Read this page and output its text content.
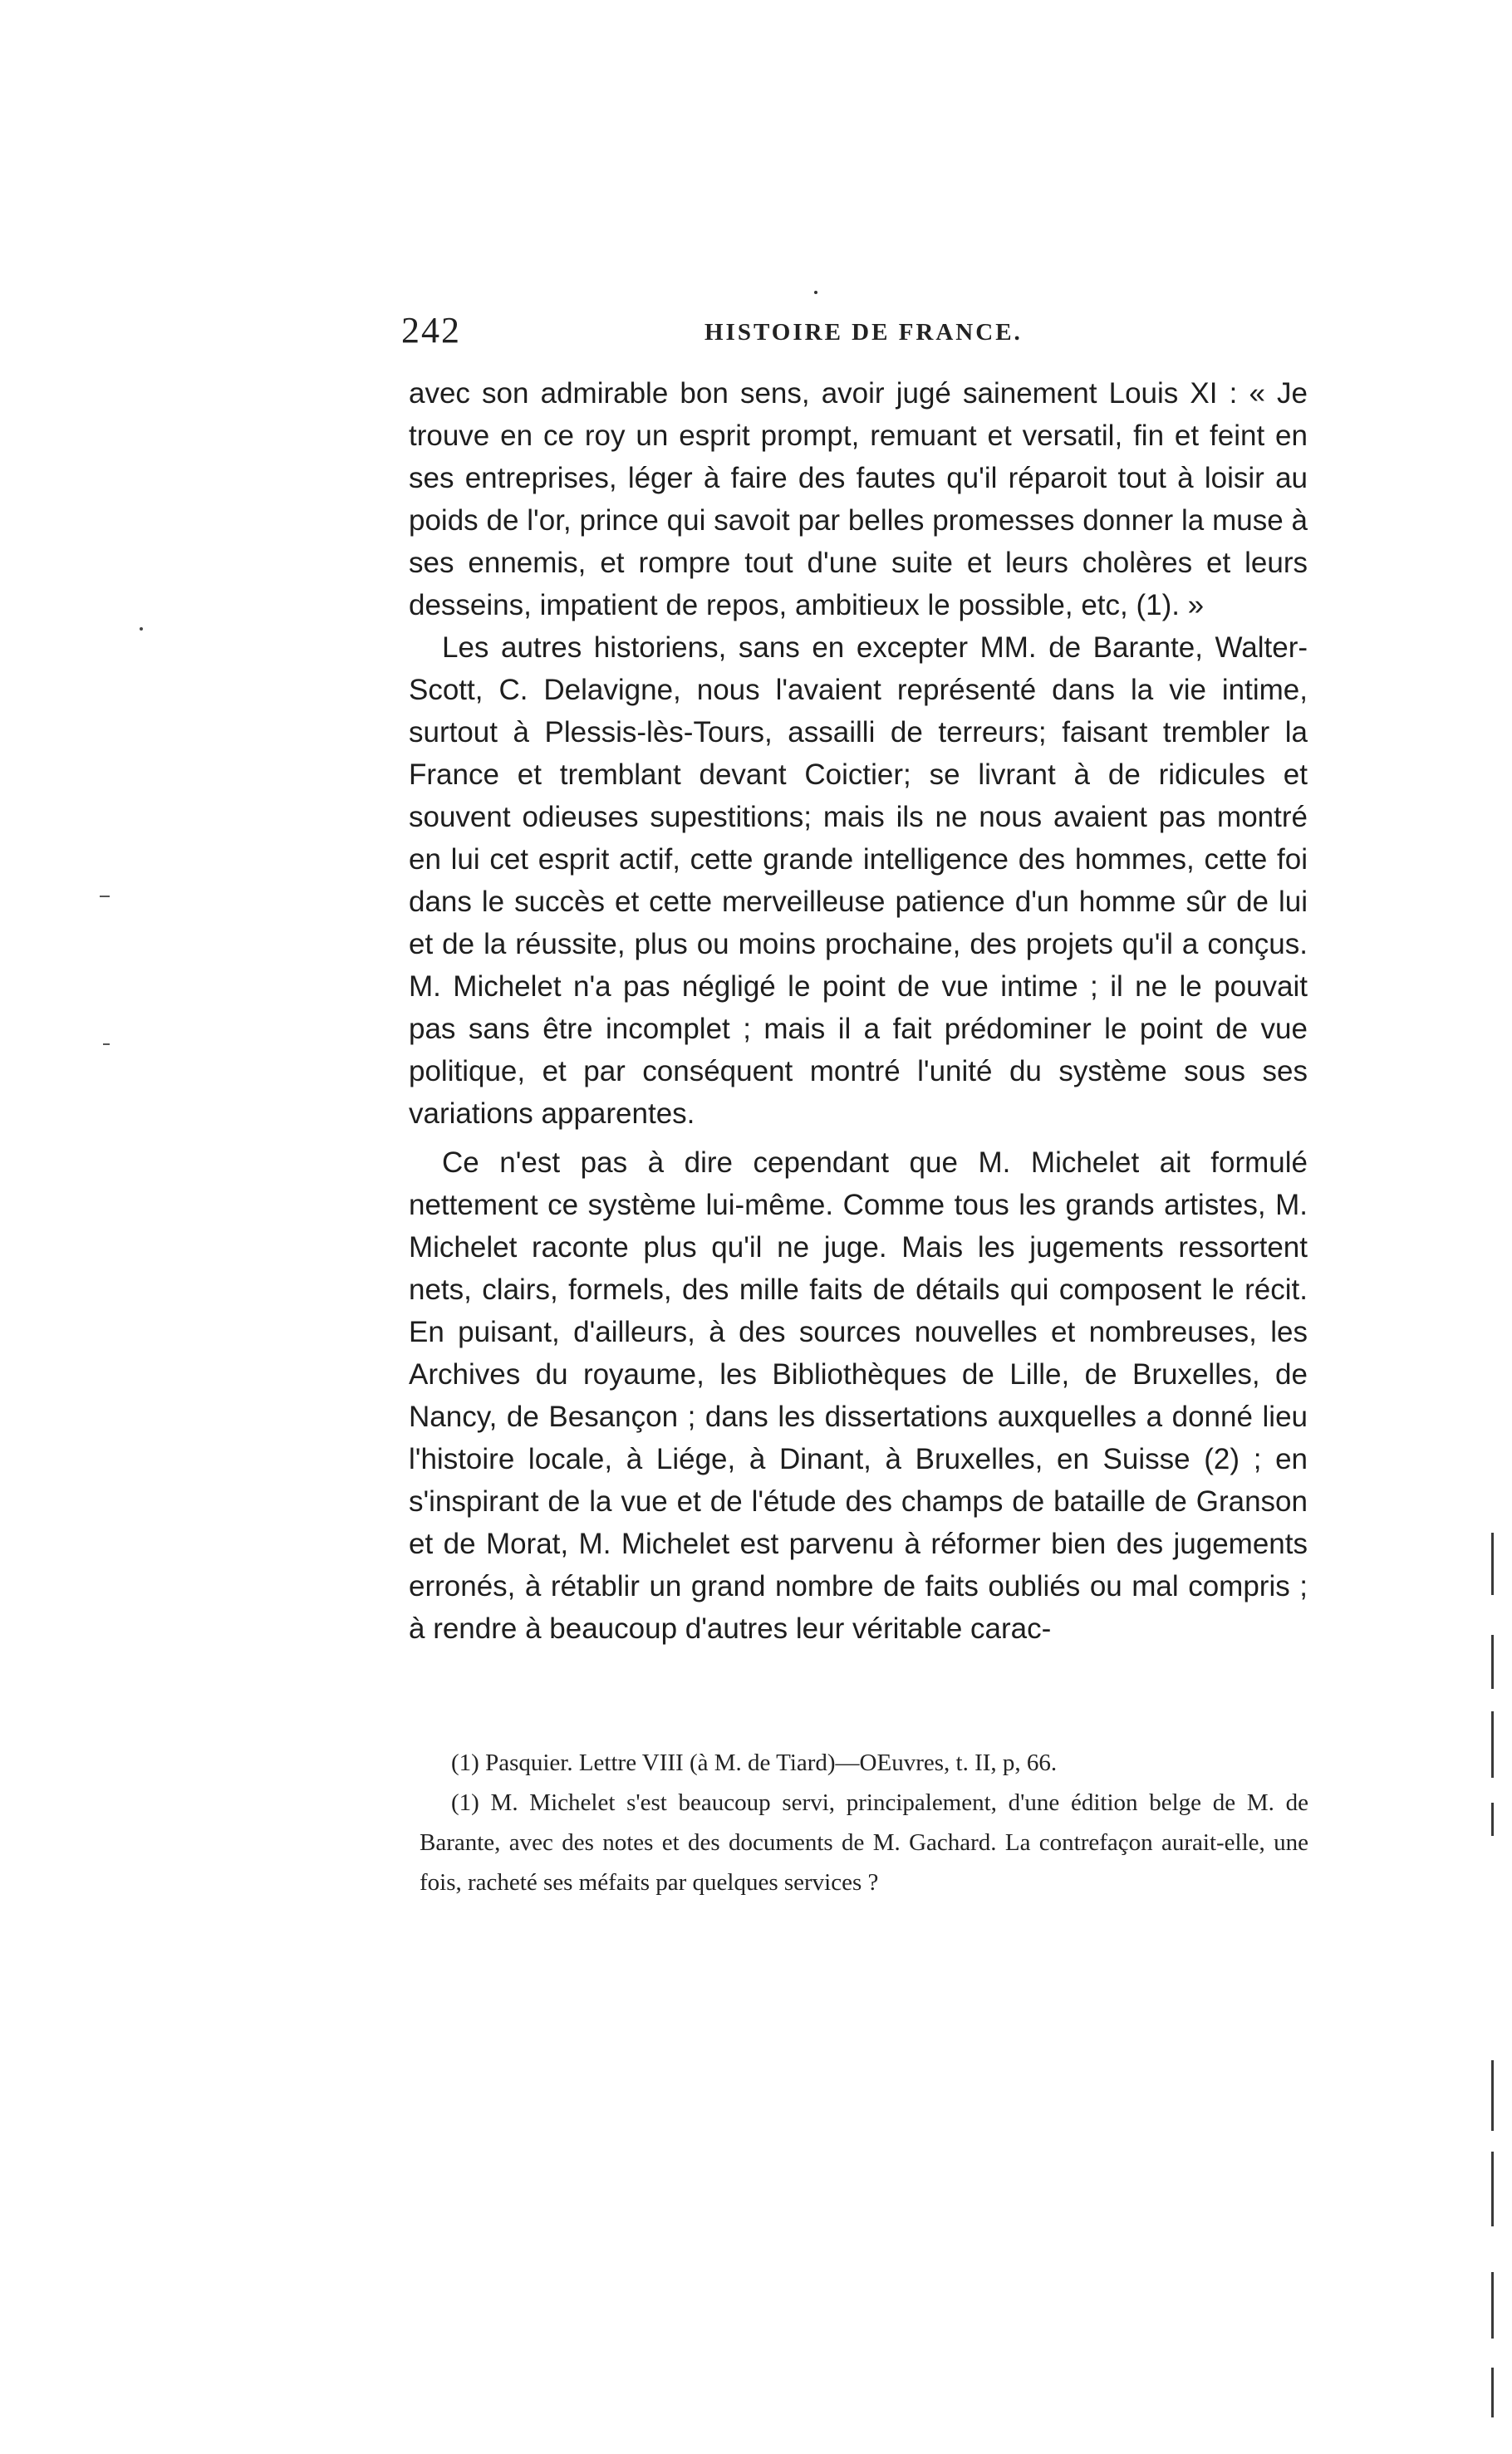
242	HISTOIRE DE FRANCE.

avec son admirable bon sens, avoir jugé sainement Louis XI : « Je trouve en ce roy un esprit prompt, remuant et versatil, fin et feint en ses entreprises, léger à faire des fautes qu'il réparoit tout à loisir au poids de l'or, prince qui savoit par belles promesses donner la muse à ses ennemis, et rompre tout d'une suite et leurs cholères et leurs desseins, impatient de repos, ambitieux le possible, etc, (1). »

Les autres historiens, sans en excepter MM. de Barante, Walter-Scott, C. Delavigne, nous l'avaient représenté dans la vie intime, surtout à Plessis-lès-Tours, assailli de terreurs; faisant trembler la France et tremblant devant Coictier; se livrant à de ridicules et souvent odieuses supestitions; mais ils ne nous avaient pas montré en lui cet esprit actif, cette grande intelligence des hommes, cette foi dans le succès et cette merveilleuse patience d'un homme sûr de lui et de la réussite, plus ou moins prochaine, des projets qu'il a conçus. M. Michelet n'a pas négligé le point de vue intime ; il ne le pouvait pas sans être incomplet ; mais il a fait prédominer le point de vue politique, et par conséquent montré l'unité du système sous ses variations apparentes.

Ce n'est pas à dire cependant que M. Michelet ait formulé nettement ce système lui-même. Comme tous les grands artistes, M. Michelet raconte plus qu'il ne juge. Mais les jugements ressortent nets, clairs, formels, des mille faits de détails qui composent le récit. En puisant, d'ailleurs, à des sources nouvelles et nombreuses, les Archives du royaume, les Bibliothèques de Lille, de Bruxelles, de Nancy, de Besançon ; dans les dissertations auxquelles a donné lieu l'histoire locale, à Liége, à Dinant, à Bruxelles, en Suisse (2) ; en s'inspirant de la vue et de l'étude des champs de bataille de Granson et de Morat, M. Michelet est parvenu à réformer bien des jugements erronés, à rétablir un grand nombre de faits oubliés ou mal compris ; à rendre à beaucoup d'autres leur véritable carac-

(1) Pasquier. Lettre VIII (à M. de Tiard)—OEuvres, t. II, p, 66.

(1) M. Michelet s'est beaucoup servi, principalement, d'une édition belge de M. de Barante, avec des notes et des documents de M. Gachard. La contrefaçon aurait-elle, une fois, racheté ses méfaits par quelques services ?
